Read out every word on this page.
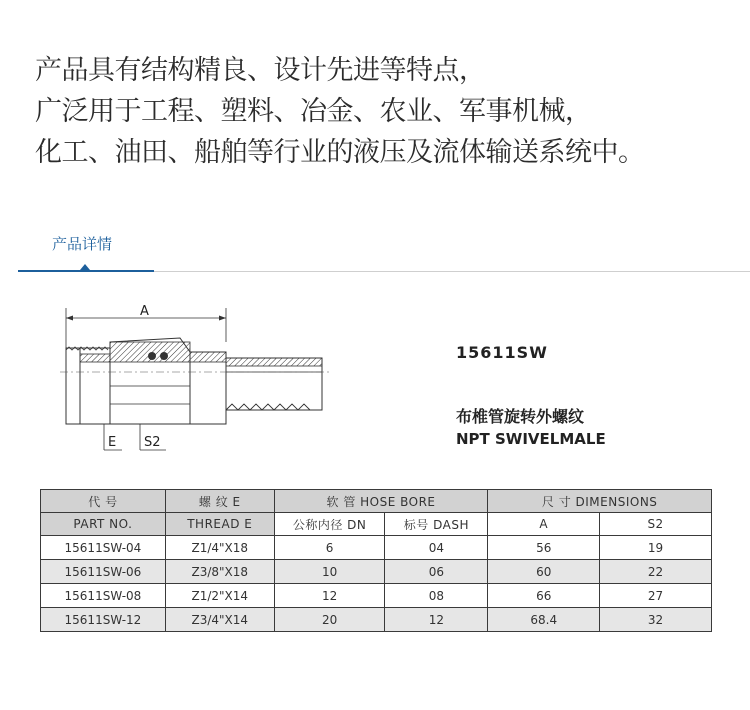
产品具有结构精良、设计先进等特点，
广泛用于工程、塑料、冶金、农业、军事机械，
化工、油田、船舶等行业的液压及流体输送系统中。
产品详情
A
E S2
15611SW
布椎管旋转外螺纹
NPT SWIVELMALE
代 号	螺 纹 E	软 管 HOSE BORE		尺 寸 DIMENSIONS	
PART NO.	THREAD E	公称内径 DN	标号 DASH	A	S2
15611SW-04	Z1/4"X18	6	04	56	19
15611SW-06	Z3/8"X18	10	06	60	22
15611SW-08	Z1/2"X14	12	08	66	27
15611SW-12	Z3/4"X14	20	12	68.4	32
